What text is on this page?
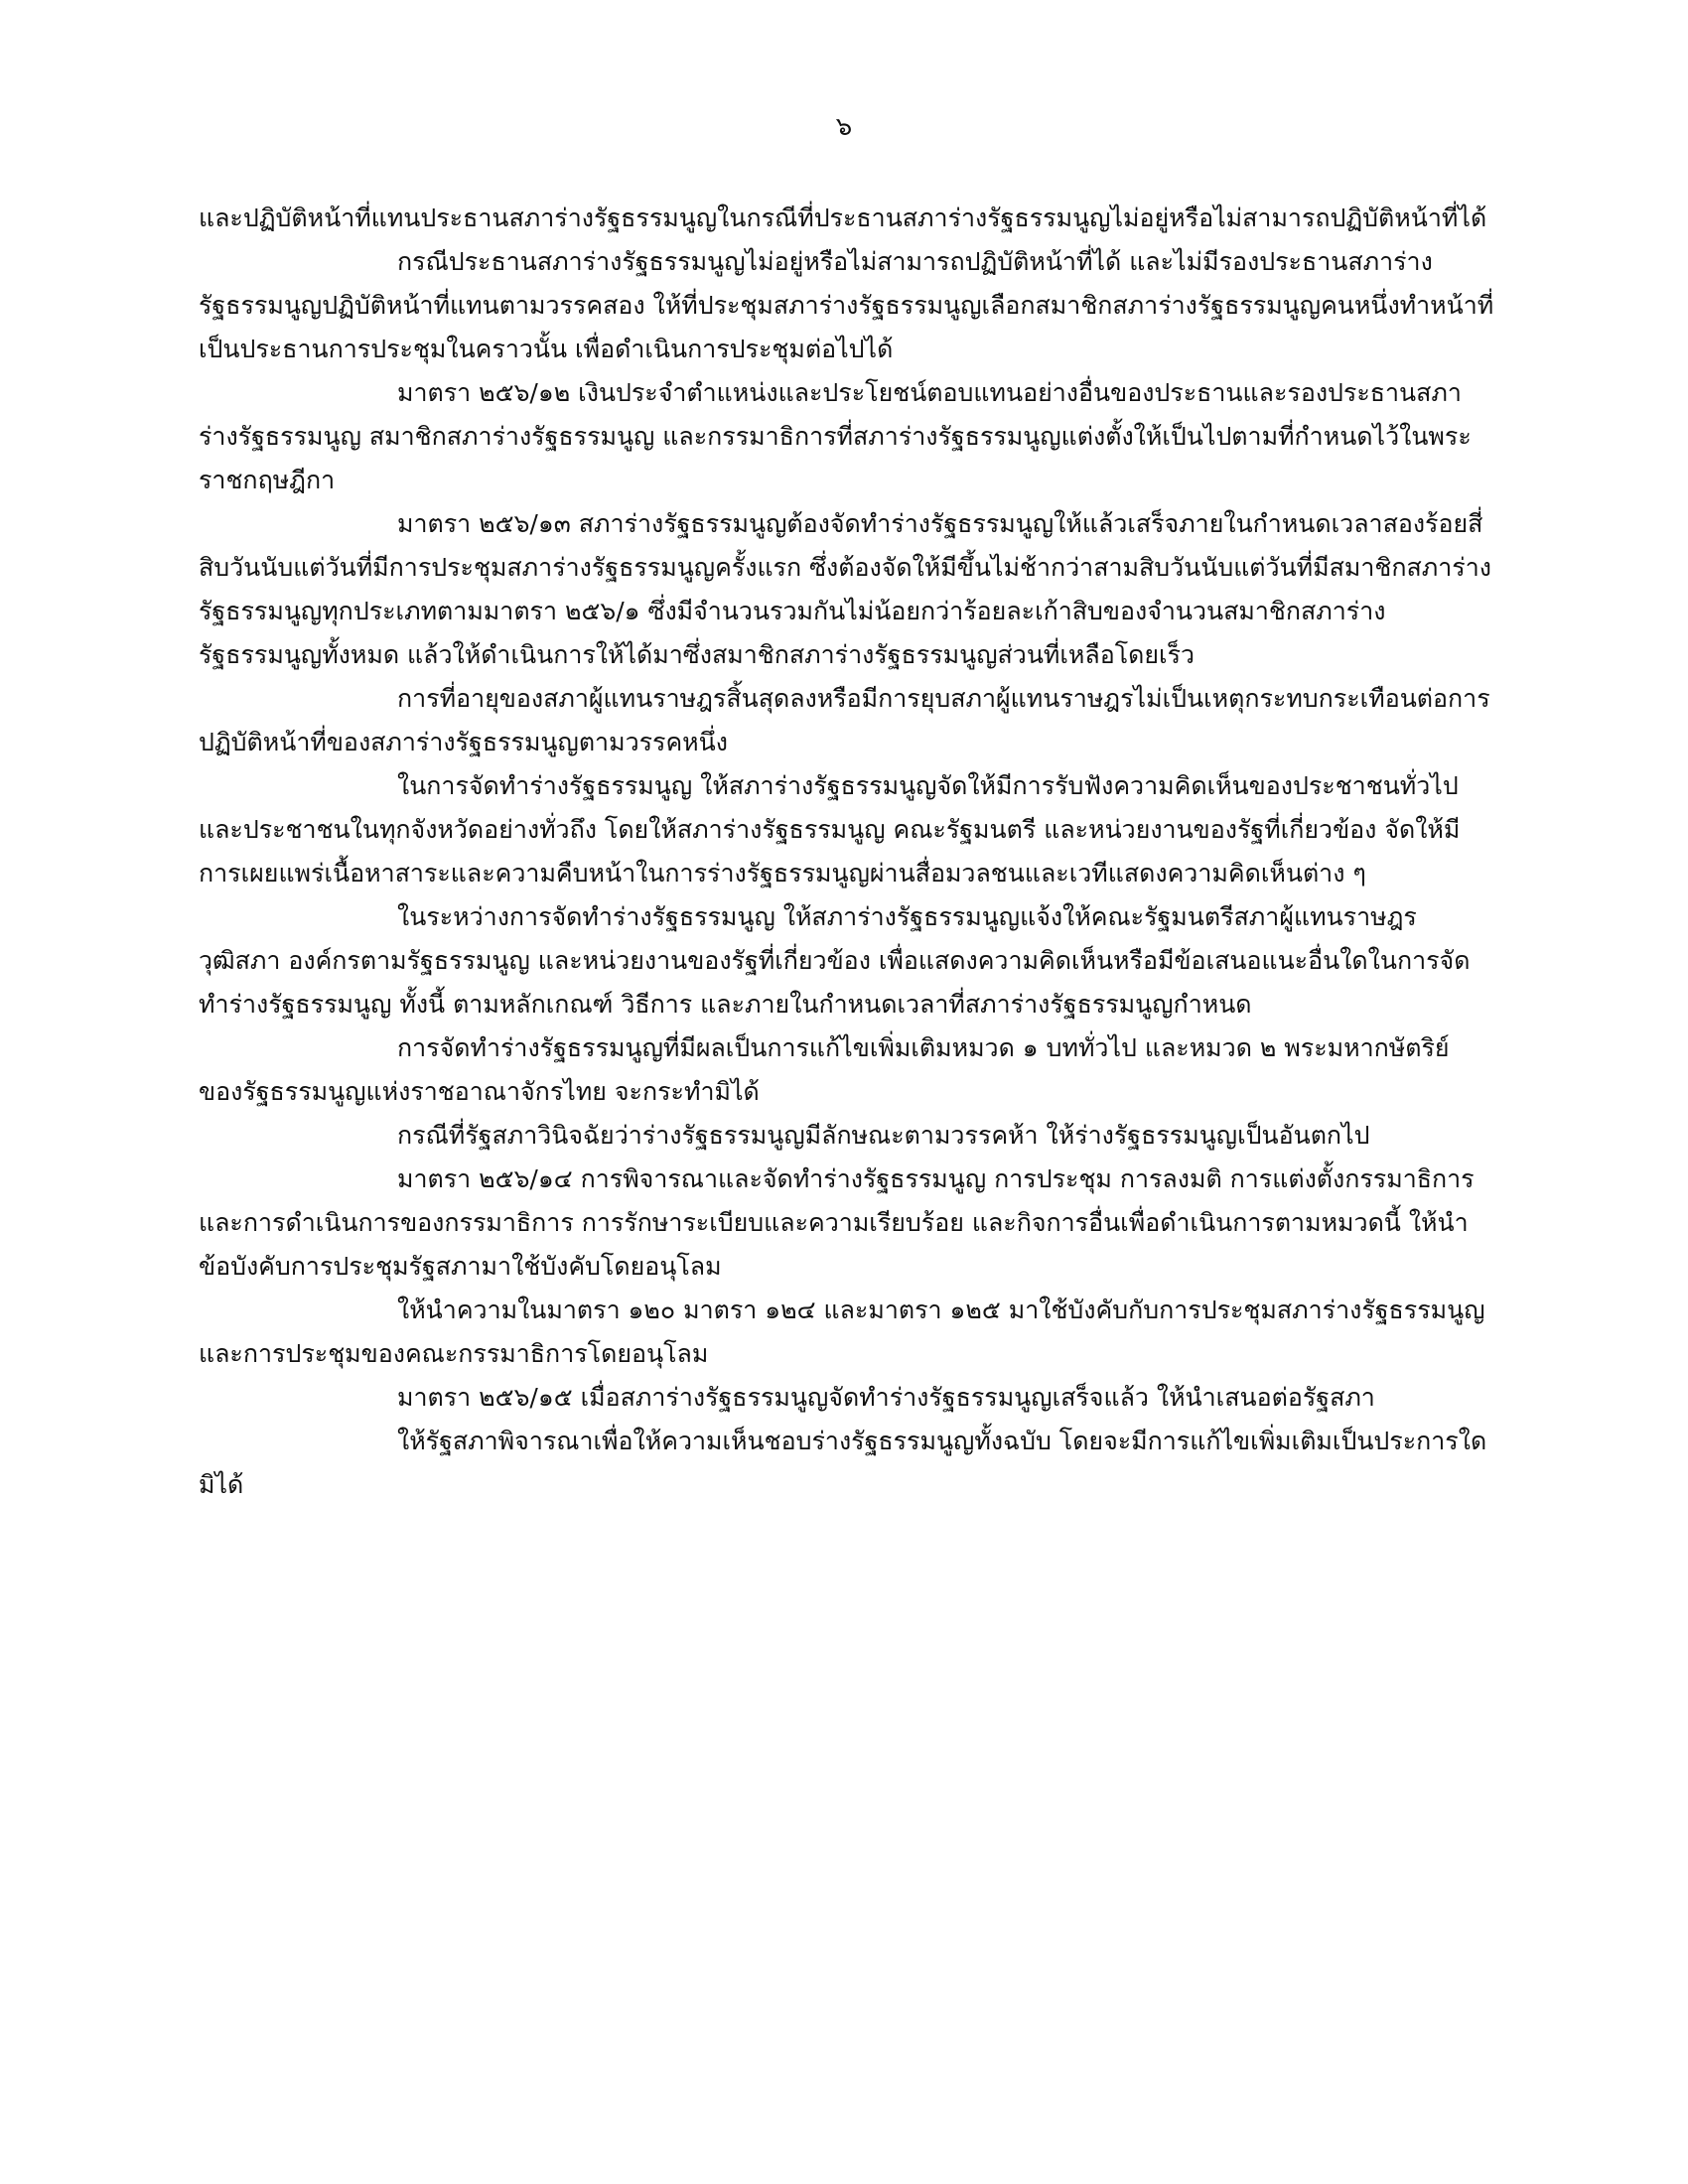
๖

และปฏิบัติหน้าที่แทนประธานสภาร่างรัฐธรรมนูญในกรณีที่ประธานสภาร่างรัฐธรรมนูญไม่อยู่หรือไม่สามารถปฏิบัติหน้าที่ได้

กรณีประธานสภาร่างรัฐธรรมนูญไม่อยู่หรือไม่สามารถปฏิบัติหน้าที่ได้ และไม่มีรองประธานสภาร่างรัฐธรรมนูญปฏิบัติหน้าที่แทนตามวรรคสอง ให้ที่ประชุมสภาร่างรัฐธรรมนูญเลือกสมาชิกสภาร่างรัฐธรรมนูญคนหนึ่งทำหน้าที่เป็นประธานการประชุมในคราวนั้น เพื่อดำเนินการประชุมต่อไปได้

มาตรา ๒๕๖/๑๒ เงินประจำตำแหน่งและประโยชน์ตอบแทนอย่างอื่นของประธานและรองประธานสภาร่างรัฐธรรมนูญ สมาชิกสภาร่างรัฐธรรมนูญ และกรรมาธิการที่สภาร่างรัฐธรรมนูญแต่งตั้งให้เป็นไปตามที่กำหนดไว้ในพระราชกฤษฎีกา

มาตรา ๒๕๖/๑๓ สภาร่างรัฐธรรมนูญต้องจัดทำร่างรัฐธรรมนูญให้แล้วเสร็จภายในกำหนดเวลาสองร้อยสี่สิบวันนับแต่วันที่มีการประชุมสภาร่างรัฐธรรมนูญครั้งแรก ซึ่งต้องจัดให้มีขึ้นไม่ช้ากว่าสามสิบวันนับแต่วันที่มีสมาชิกสภาร่างรัฐธรรมนูญทุกประเภทตามมาตรา ๒๕๖/๑ ซึ่งมีจำนวนรวมกันไม่น้อยกว่าร้อยละเก้าสิบของจำนวนสมาชิกสภาร่างรัฐธรรมนูญทั้งหมด แล้วให้ดำเนินการให้ได้มาซึ่งสมาชิกสภาร่างรัฐธรรมนูญส่วนที่เหลือโดยเร็ว

การที่อายุของสภาผู้แทนราษฎรสิ้นสุดลงหรือมีการยุบสภาผู้แทนราษฎรไม่เป็นเหตุกระทบกระเทือนต่อการปฏิบัติหน้าที่ของสภาร่างรัฐธรรมนูญตามวรรคหนึ่ง

ในการจัดทำร่างรัฐธรรมนูญ ให้สภาร่างรัฐธรรมนูญจัดให้มีการรับฟังความคิดเห็นของประชาชนทั่วไป และประชาชนในทุกจังหวัดอย่างทั่วถึง โดยให้สภาร่างรัฐธรรมนูญ คณะรัฐมนตรี และหน่วยงานของรัฐที่เกี่ยวข้อง จัดให้มีการเผยแพร่เนื้อหาสาระและความคืบหน้าในการร่างรัฐธรรมนูญผ่านสื่อมวลชนและเวทีแสดงความคิดเห็นต่าง ๆ

ในระหว่างการจัดทำร่างรัฐธรรมนูญ ให้สภาร่างรัฐธรรมนูญแจ้งให้คณะรัฐมนตรีสภาผู้แทนราษฎร วุฒิสภา องค์กรตามรัฐธรรมนูญ และหน่วยงานของรัฐที่เกี่ยวข้อง เพื่อแสดงความคิดเห็นหรือมีข้อเสนอแนะอื่นใดในการจัดทำร่างรัฐธรรมนูญ ทั้งนี้ ตามหลักเกณฑ์ วิธีการ และภายในกำหนดเวลาที่สภาร่างรัฐธรรมนูญกำหนด

การจัดทำร่างรัฐธรรมนูญที่มีผลเป็นการแก้ไขเพิ่มเติมหมวด ๑ บททั่วไป และหมวด ๒ พระมหากษัตริย์ ของรัฐธรรมนูญแห่งราชอาณาจักรไทย จะกระทำมิได้

กรณีที่รัฐสภาวินิจฉัยว่าร่างรัฐธรรมนูญมีลักษณะตามวรรคห้า ให้ร่างรัฐธรรมนูญเป็นอันตกไป

มาตรา ๒๕๖/๑๔ การพิจารณาและจัดทำร่างรัฐธรรมนูญ การประชุม การลงมติ การแต่งตั้งกรรมาธิการและการดำเนินการของกรรมาธิการ การรักษาระเบียบและความเรียบร้อย และกิจการอื่นเพื่อดำเนินการตามหมวดนี้ ให้นำข้อบังคับการประชุมรัฐสภามาใช้บังคับโดยอนุโลม

ให้นำความในมาตรา ๑๒๐ มาตรา ๑๒๔ และมาตรา ๑๒๕ มาใช้บังคับกับการประชุมสภาร่างรัฐธรรมนูญและการประชุมของคณะกรรมาธิการโดยอนุโลม

มาตรา ๒๕๖/๑๕ เมื่อสภาร่างรัฐธรรมนูญจัดทำร่างรัฐธรรมนูญเสร็จแล้ว ให้นำเสนอต่อรัฐสภา

ให้รัฐสภาพิจารณาเพื่อให้ความเห็นชอบร่างรัฐธรรมนูญทั้งฉบับ โดยจะมีการแก้ไขเพิ่มเติมเป็นประการใดมิได้
